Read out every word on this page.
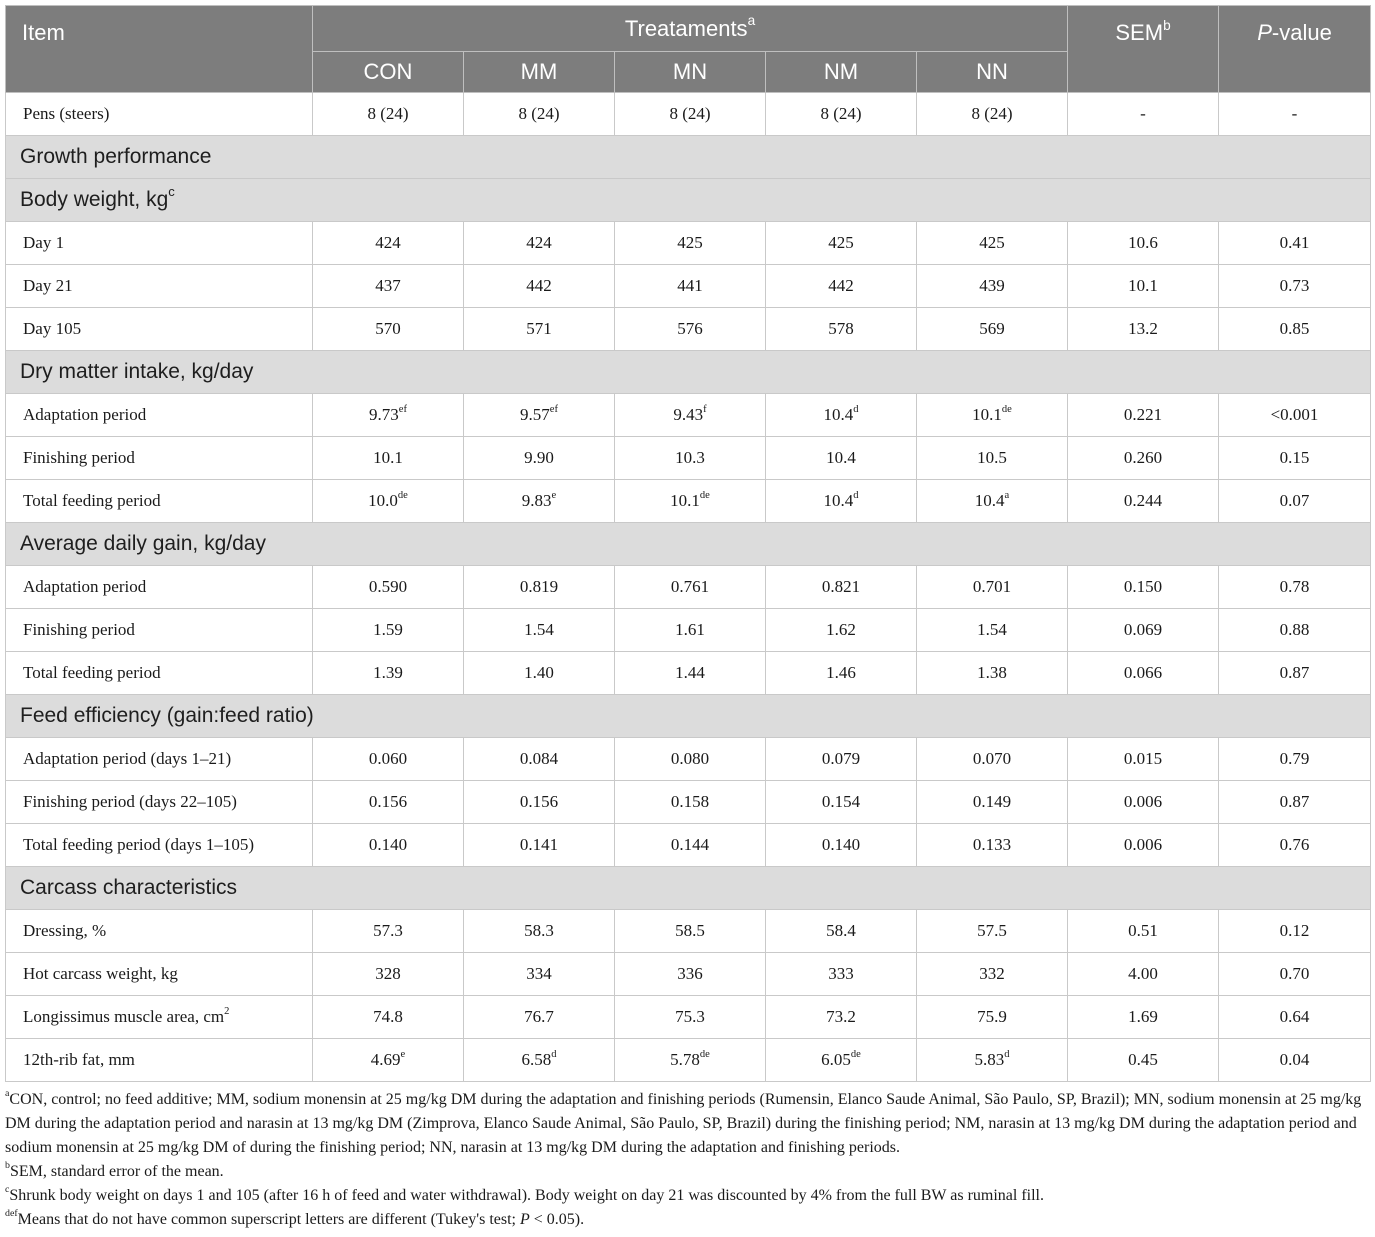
Item	Treataments$^a$					SEM$^b$	P-value
	CON	MM	MN	NM	NN		
Pens (steers)	8 (24)	8 (24)	8 (24)	8 (24)	8 (24)	-	-
Growth performance							
Body weight, $kg^c$
Day 1	424	424	425	425	425	10.6	0.41
Day 21	437	442	441	442	439	10.1	0.73
Day 105	570	571	576	578	569	13.2	0.85
Dry matter intake, kg/day							
Adaptation period	9.73$^{ef}$	9.57$^{ef}$	9.43$^f$	10.4$^d$	10.1de	0.221	<0.001
Finishing period	10.1	9.90	10.3	10.4	10.5	0.260	0.15
Total feeding period	10.0de	9.83e	10.1de	10.4$^d$	10.4$^a$	0.244	0.07
Average daily gain, kg/day							
Adaptation period	0.590	0.819	0.761	0.821	0.701	0.150	0.78
Finishing period	1.59	1.54	1.61	1.62	1.54	0.069	0.88
Total feeding period	1.39	1.40	1.44	1.46	1.38	0.066	0.87
Feed efficiency (gain:feed ratio)							
Adaptation period (days 1–21)	0.060	0.084	0.080	0.079	0.070	0.015	0.79
Finishing period (days 22–105)	0.156	0.156	0.158	0.154	0.149	0.006	0.87
Total feeding period (days 1–105)	0.140	0.141	0.144	0.140	0.133	0.006	0.76
Carcass characteristics							
Dressing, %	57.3	58.3	58.5	58.4	57.5	0.51	0.12
Hot carcass weight, kg	328	334	336	333	332	4.00	0.70
Longissimus muscle area, $cm^2$	74.8	76.7	75.3	73.2	75.9	1.69	0.64
12th-rib fat, mm	4.69e	6.58$^d$	5.78de	6.05de	5.83$^d$	0.45	0.04

$^a$CON, control; no feed additive; MM, sodium monensin at 25 mg/kg DM during the adaptation and finishing periods (Rumensin, Elanco Saude Animal, São Paulo, SP, Brazil); MN, sodium monensin at 25 mg/kg DM during the adaptation period and narasin at 13 mg/kg DM (Zimprova, Elanco Saude Animal, São Paulo, SP, Brazil) during the finishing period; NM, narasin at 13 mg/kg DM during the adaptation period and sodium monensin at 25 mg/kg DM of during the finishing period; NN, narasin at 13 mg/kg DM during the adaptation and finishing periods.

$^b$SEM, standard error of the mean.

$^c$Shrunk body weight on days 1 and 105 (after 16 h of feed and water withdrawal). Body weight on day 21 was discounted by 4% from the full BW as ruminal fill.

$^{def}$Means that do not have common superscript letters are different (Tukey's test; P < 0.05).
